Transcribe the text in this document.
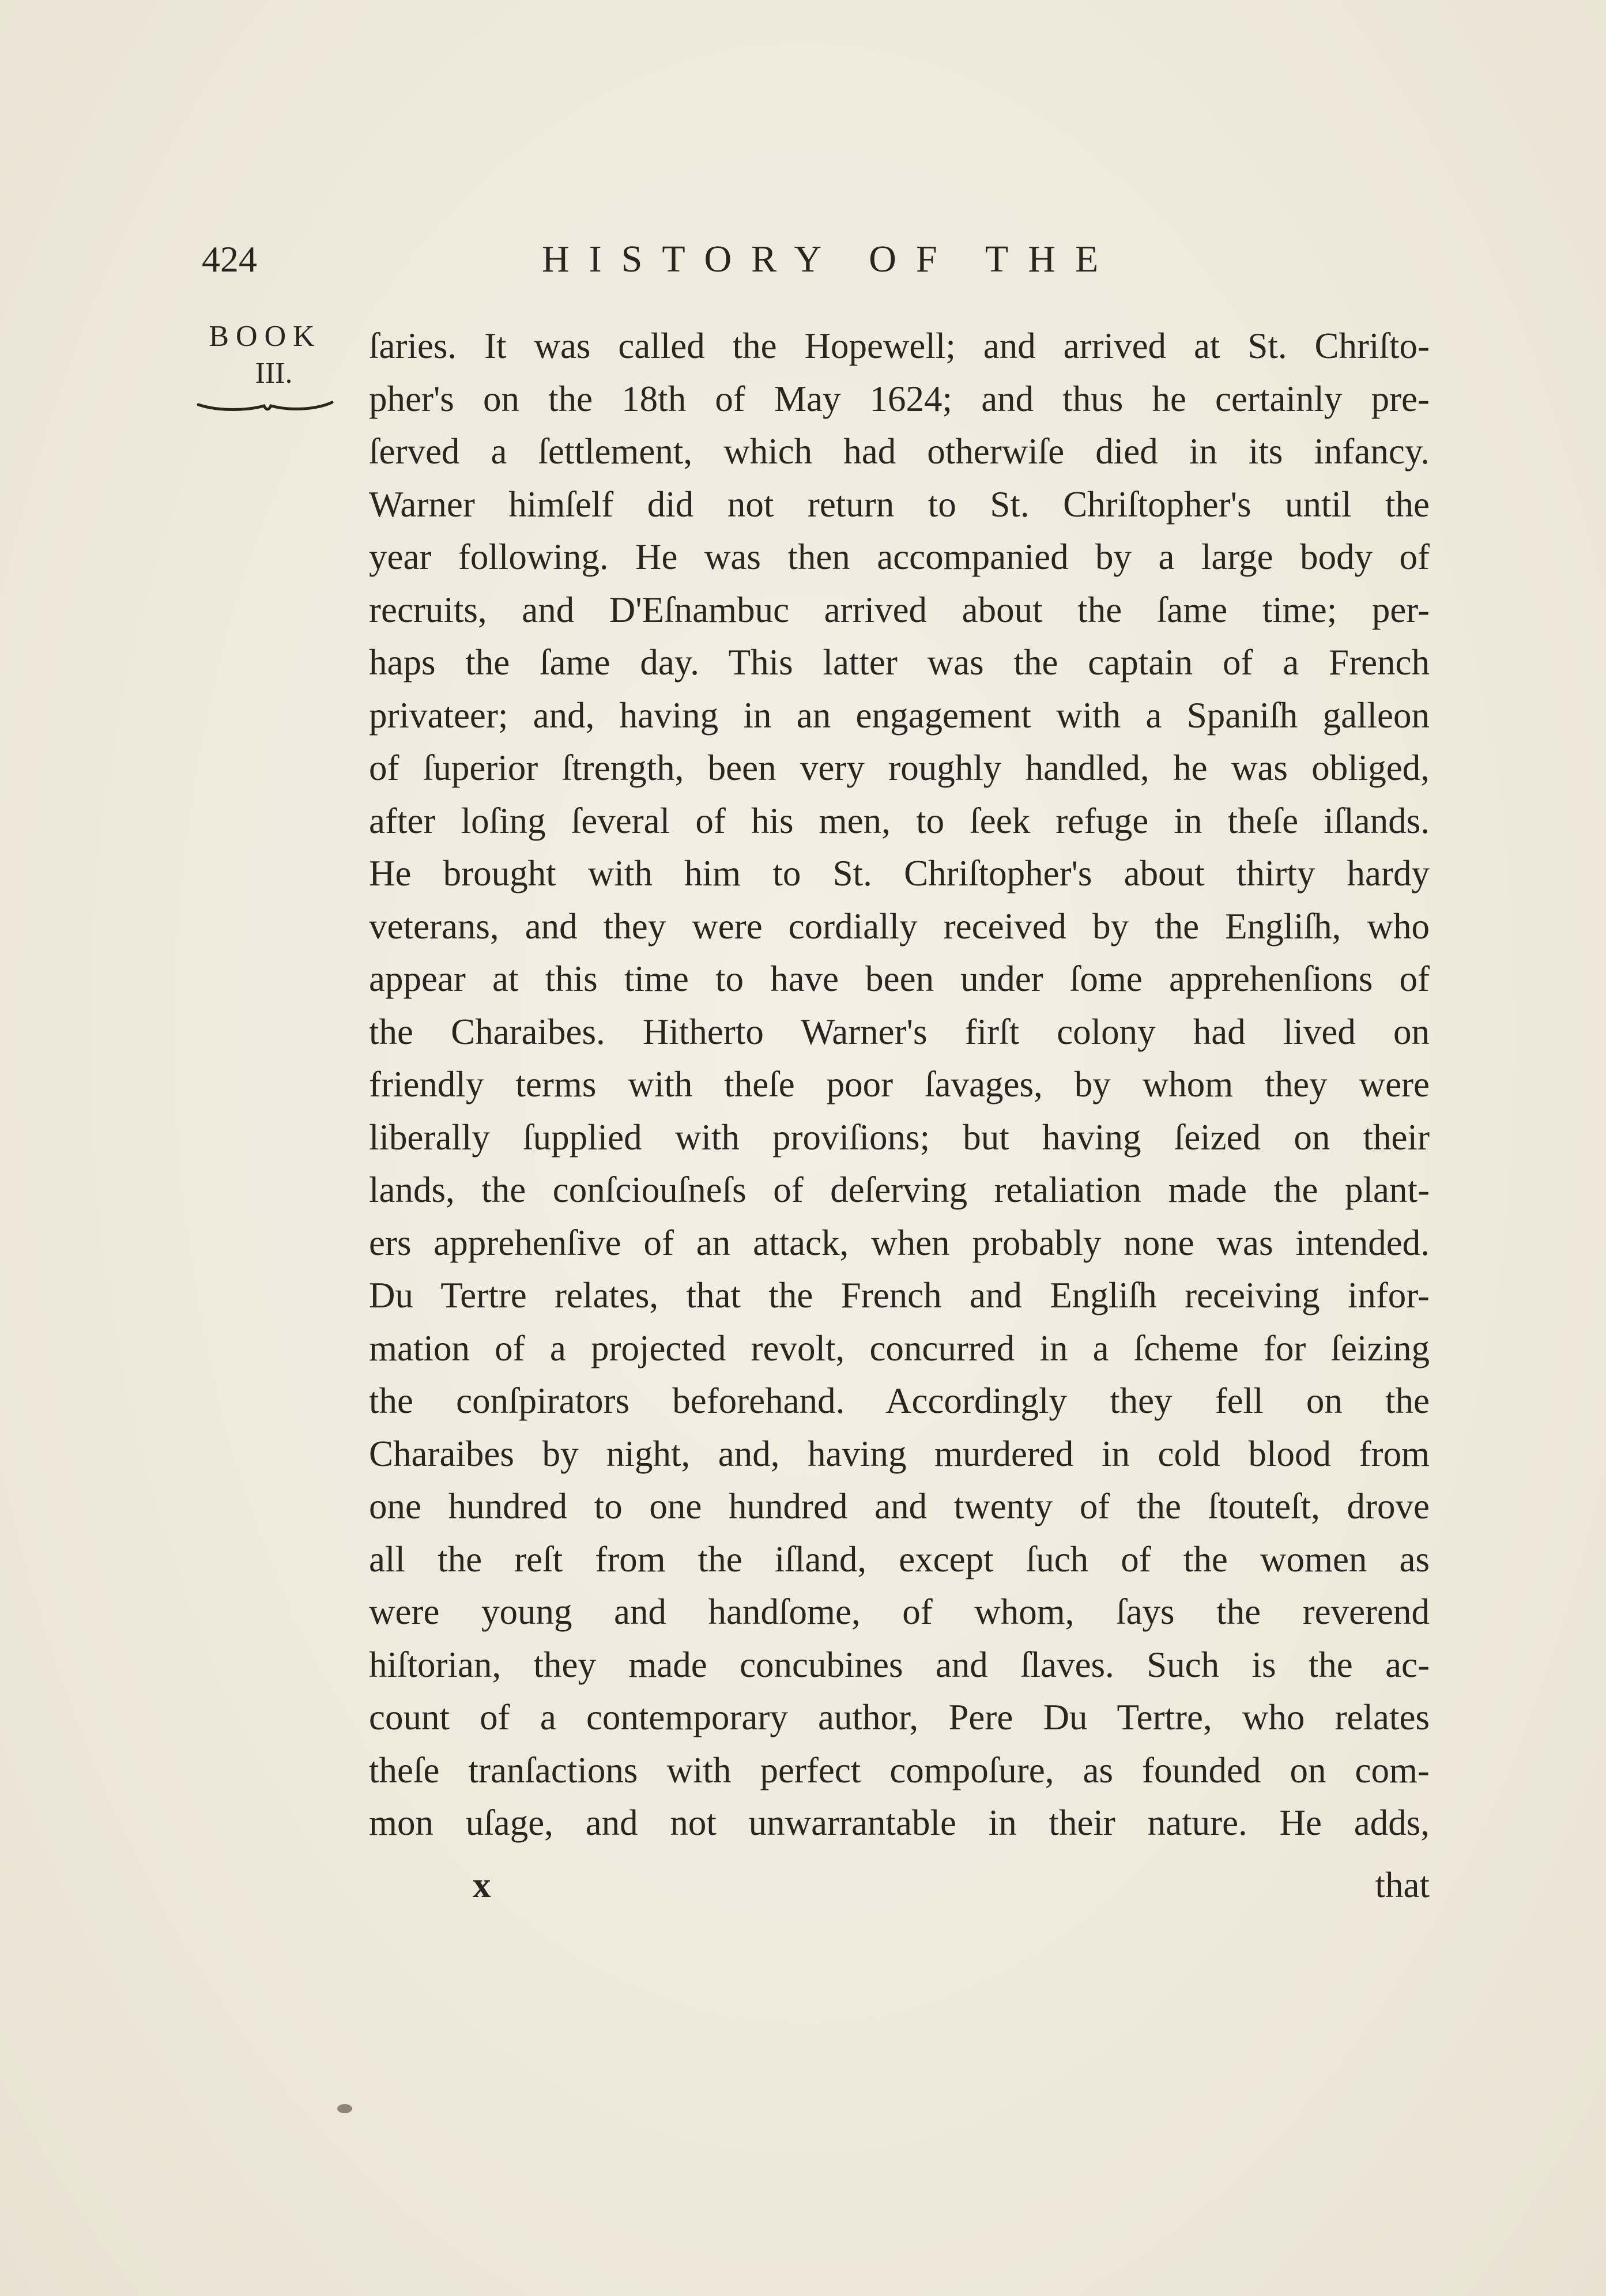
424	HISTORY OF THE
BOOK
III.
ſaries. It was called the Hopewell; and arrived at St. Chriſto-
pher's on the 18th of May 1624; and thus he certainly pre-
ſerved a ſettlement, which had otherwiſe died in its infancy.
Warner himſelf did not return to St. Chriſtopher's until the
year following. He was then accompanied by a large body of
recruits, and D'Eſnambuc arrived about the ſame time; per-
haps the ſame day. This latter was the captain of a French
privateer; and, having in an engagement with a Spaniſh galleon
of ſuperior ſtrength, been very roughly handled, he was obliged,
after loſing ſeveral of his men, to ſeek refuge in theſe iſlands.
He brought with him to St. Chriſtopher's about thirty hardy
veterans, and they were cordially received by the Engliſh, who
appear at this time to have been under ſome apprehenſions of
the Charaibes. Hitherto Warner's firſt colony had lived on
friendly terms with theſe poor ſavages, by whom they were
liberally ſupplied with proviſions; but having ſeized on their
lands, the conſciouſneſs of deſerving retaliation made the plant-
ers apprehenſive of an attack, when probably none was intended.
Du Tertre relates, that the French and Engliſh receiving infor-
mation of a projected revolt, concurred in a ſcheme for ſeizing
the conſpirators beforehand. Accordingly they fell on the
Charaibes by night, and, having murdered in cold blood from
one hundred to one hundred and twenty of the ſtouteſt, drove
all the reſt from the iſland, except ſuch of the women as
were young and handſome, of whom, ſays the reverend
hiſtorian, they made concubines and ſlaves. Such is the ac-
count of a contemporary author, Pere Du Tertre, who relates
theſe tranſactions with perfect compoſure, as founded on com-
mon uſage, and not unwarrantable in their nature. He adds,
x	that
